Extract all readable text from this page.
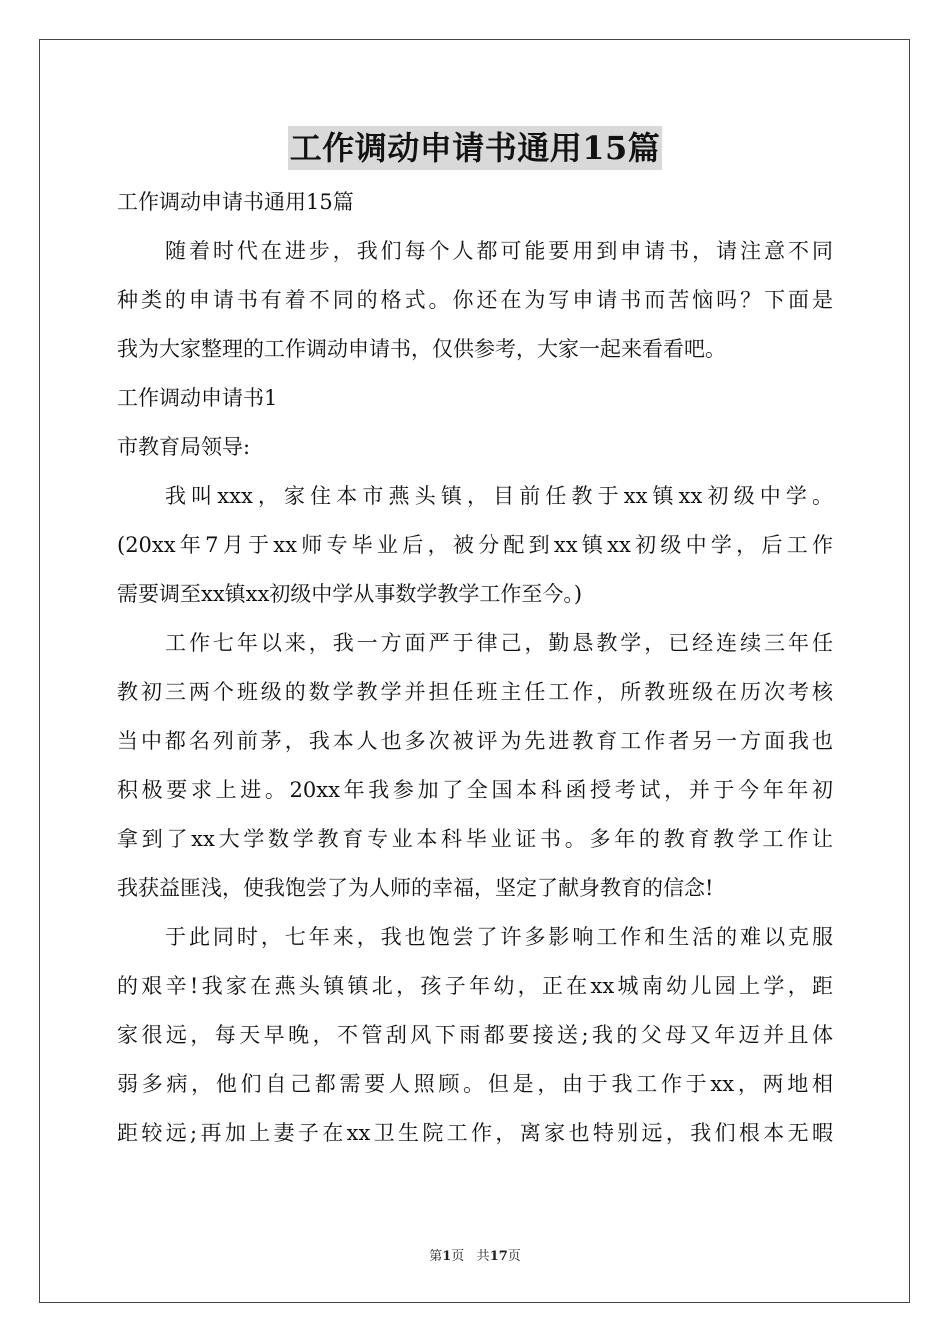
工作调动申请书通用15篇
工作调动申请书通用15篇
随着时代在进步，我们每个人都可能要用到申请书，请注意不同
种类的申请书有着不同的格式。你还在为写申请书而苦恼吗？下面是
我为大家整理的工作调动申请书，仅供参考，大家一起来看看吧。
工作调动申请书1
市教育局领导:
我叫xxx，家住本市燕头镇，目前任教于xx镇xx初级中学。
(20xx年7月于xx师专毕业后，被分配到xx镇xx初级中学，后工作
需要调至xx镇xx初级中学从事数学教学工作至今。)
工作七年以来，我一方面严于律己，勤恳教学，已经连续三年任
教初三两个班级的数学教学并担任班主任工作，所教班级在历次考核
当中都名列前茅，我本人也多次被评为先进教育工作者另一方面我也
积极要求上进。20xx年我参加了全国本科函授考试，并于今年年初
拿到了xx大学数学教育专业本科毕业证书。多年的教育教学工作让
我获益匪浅，使我饱尝了为人师的幸福，坚定了献身教育的信念!
于此同时，七年来，我也饱尝了许多影响工作和生活的难以克服
的艰辛!我家在燕头镇镇北，孩子年幼，正在xx城南幼儿园上学，距
家很远，每天早晚，不管刮风下雨都要接送;我的父母又年迈并且体
弱多病，他们自己都需要人照顾。但是，由于我工作于xx，两地相
距较远;再加上妻子在xx卫生院工作，离家也特别远，我们根本无暇
第1页 共17页
